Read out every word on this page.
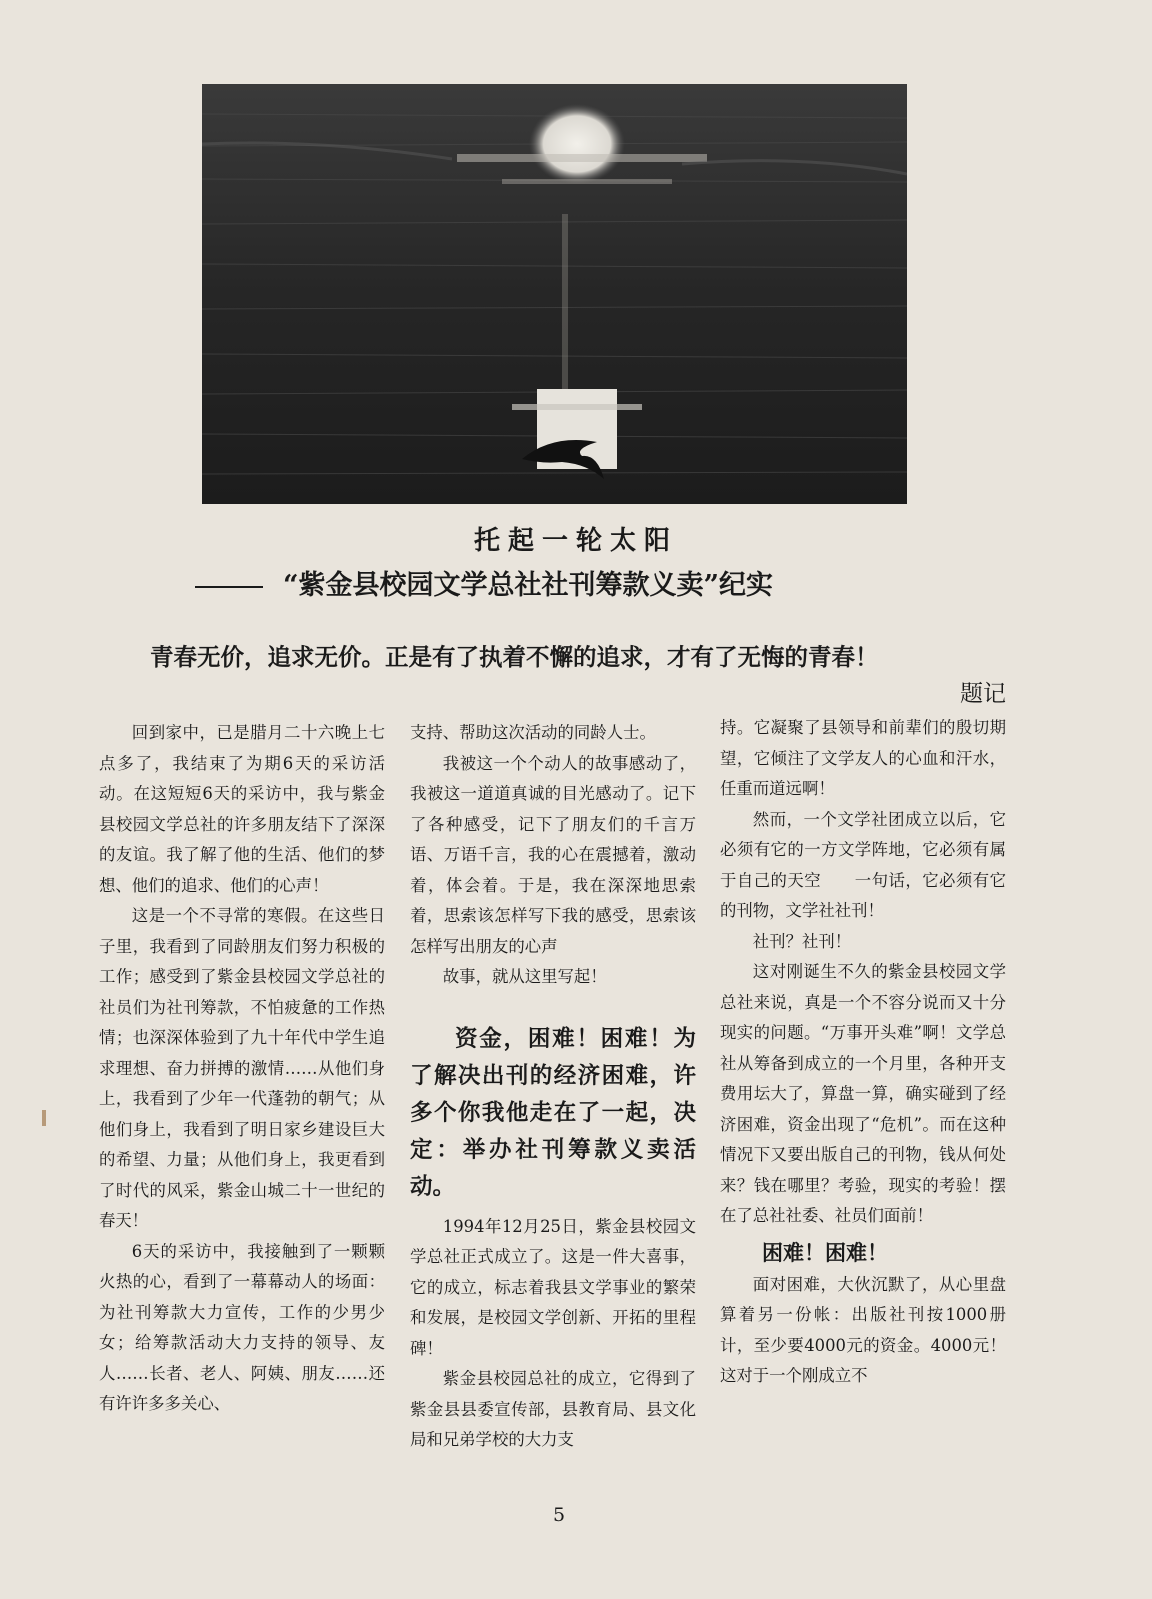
托起一轮太阳
“紫金县校园文学总社社刊筹款义卖”纪实
青春无价，追求无价。正是有了执着不懈的追求，才有了无悔的青春！
题记

回到家中，已是腊月二十六晚上七点多了，我结束了为期6天的采访活动。在这短短6天的采访中，我与紫金县校园文学总社的许多朋友结下了深深的友谊。我了解了他的生活、他们的梦想、他们的追求、他们的心声！

这是一个不寻常的寒假。在这些日子里，我看到了同龄朋友们努力积极的工作；感受到了紫金县校园文学总社的社员们为社刊筹款，不怕疲惫的工作热情；也深深体验到了九十年代中学生追求理想、奋力拼搏的激情……从他们身上，我看到了少年一代蓬勃的朝气；从他们身上，我看到了明日家乡建设巨大的希望、力量；从他们身上，我更看到了时代的风采，紫金山城二十一世纪的春天！

6天的采访中，我接触到了一颗颗火热的心，看到了一幕幕动人的场面：为社刊筹款大力宣传，工作的少男少女；给筹款活动大力支持的领导、友人……长者、老人、阿姨、朋友……还有许许多多关心、

支持、帮助这次活动的同龄人士。

我被这一个个动人的故事感动了，我被这一道道真诚的目光感动了。记下了各种感受，记下了朋友们的千言万语、万语千言，我的心在震撼着，激动着，体会着。于是，我在深深地思索着，思索该怎样写下我的感受，思索该怎样写出朋友的心声

故事，就从这里写起！

资金，困难！困难！为了解决出刊的经济困难，许多个你我他走在了一起，决定：举办社刊筹款义卖活动。

1994年12月25日，紫金县校园文学总社正式成立了。这是一件大喜事，它的成立，标志着我县文学事业的繁荣和发展，是校园文学创新、开拓的里程碑！

紫金县校园总社的成立，它得到了紫金县县委宣传部，县教育局、县文化局和兄弟学校的大力支

持。它凝聚了县领导和前辈们的殷切期望，它倾注了文学友人的心血和汗水，任重而道远啊！

然而，一个文学社团成立以后，它必须有它的一方文学阵地，它必须有属于自己的天空　　一句话，它必须有它的刊物，文学社社刊！

社刊？社刊！

这对刚诞生不久的紫金县校园文学总社来说，真是一个不容分说而又十分现实的问题。“万事开头难”啊！文学总社从筹备到成立的一个月里，各种开支费用坛大了，算盘一算，确实碰到了经济困难，资金出现了“危机”。而在这种情况下又要出版自己的刊物，钱从何处来？钱在哪里？考验，现实的考验！摆在了总社社委、社员们面前！

困难！困难！

面对困难，大伙沉默了，从心里盘算着另一份帐：出版社刊按1000册计，至少要4000元的资金。4000元！这对于一个刚成立不

5
